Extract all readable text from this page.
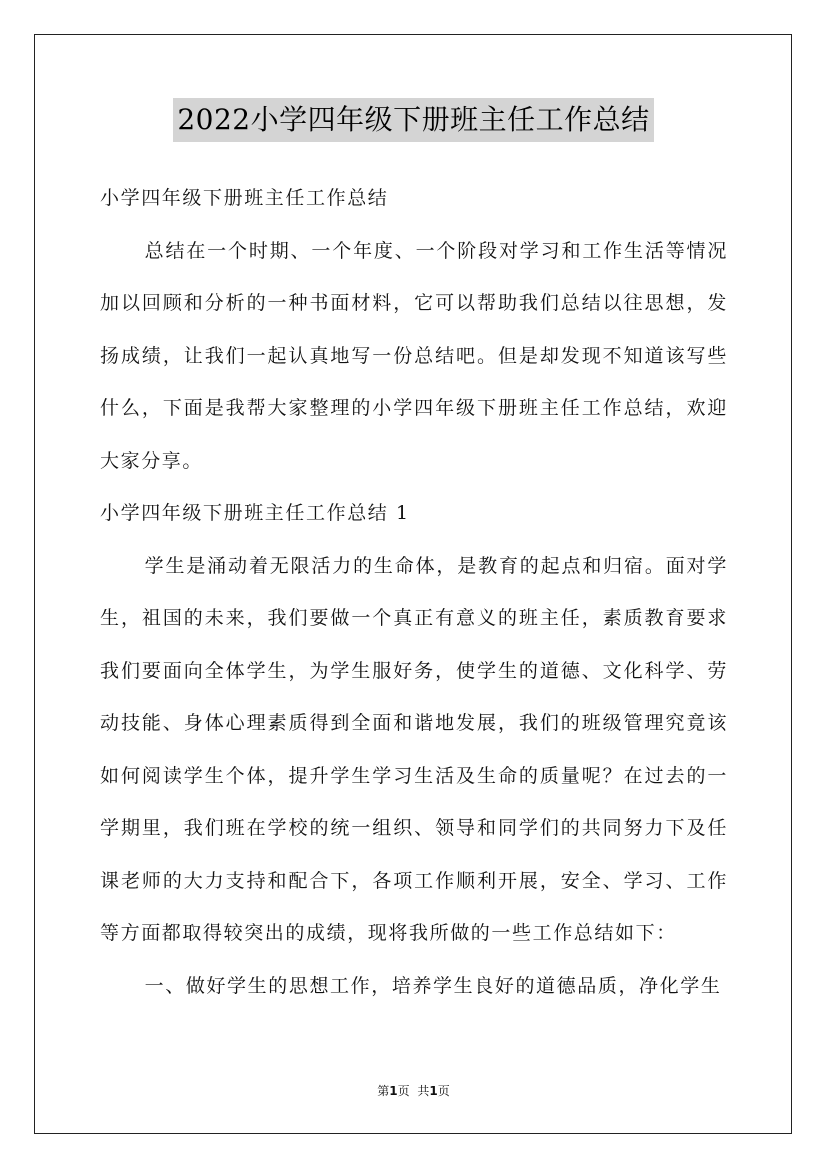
2022小学四年级下册班主任工作总结

小学四年级下册班主任工作总结

总结在一个时期、一个年度、一个阶段对学习和工作生活等情况加以回顾和分析的一种书面材料，它可以帮助我们总结以往思想，发扬成绩，让我们一起认真地写一份总结吧。但是却发现不知道该写些什么，下面是我帮大家整理的小学四年级下册班主任工作总结，欢迎大家分享。

小学四年级下册班主任工作总结 1

学生是涌动着无限活力的生命体，是教育的起点和归宿。面对学生，祖国的未来，我们要做一个真正有意义的班主任，素质教育要求我们要面向全体学生，为学生服好务，使学生的道德、文化科学、劳动技能、身体心理素质得到全面和谐地发展，我们的班级管理究竟该如何阅读学生个体，提升学生学习生活及生命的质量呢？在过去的一学期里，我们班在学校的统一组织、领导和同学们的共同努力下及任课老师的大力支持和配合下，各项工作顺利开展，安全、学习、工作等方面都取得较突出的成绩，现将我所做的一些工作总结如下：

一、做好学生的思想工作，培养学生良好的道德品质，净化学生

第1页 共1页
